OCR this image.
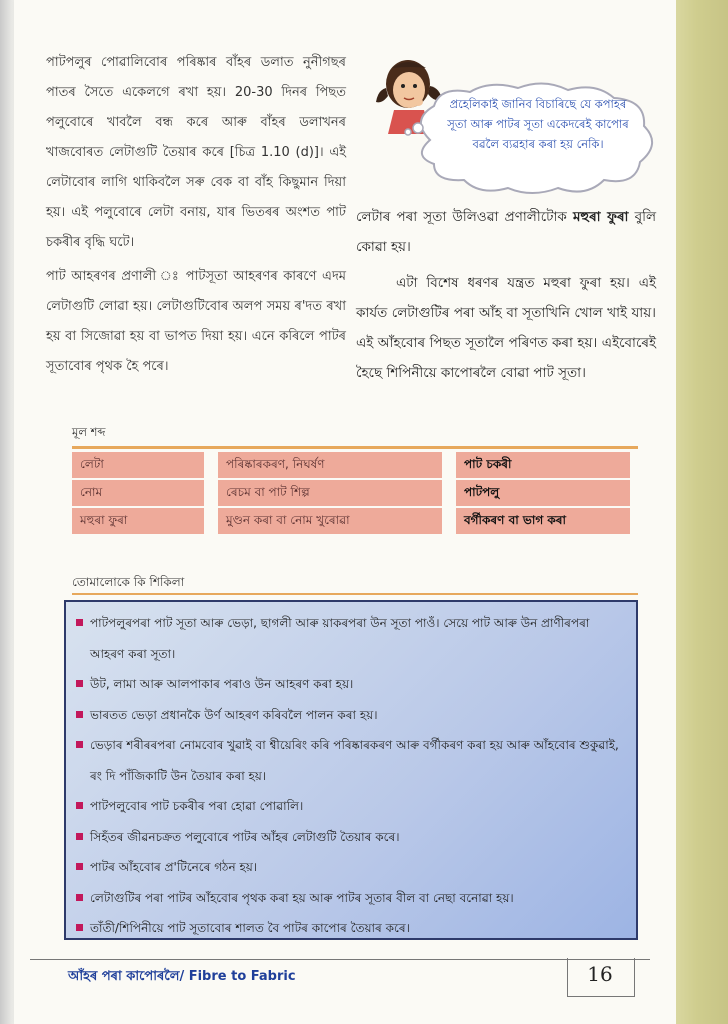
পাটপলুৰ পোৱালিবোৰ পৰিষ্কাৰ বাঁহৰ ডলাত নুনীগছৰ পাতৰ সৈতে একেলগে ৰখা হয়। 20-30 দিনৰ পিছত পলুবোৰে খাবলৈ বন্ধ কৰে আৰু বাঁহৰ ডলাখনৰ খাজবোৰত লেটাগুটি তৈয়াৰ কৰে [চিত্ৰ 1.10 (d)]। এই লেটাবোৰ লাগি থাকিবলৈ সৰু বেক বা বাঁহ কিছুমান দিয়া হয়। এই পলুবোৰে লেটা বনায়, যাৰ ভিতৰৰ অংশত পাট চকৰীৰ বৃদ্ধি ঘটে।

পাট আহৰণৰ প্ৰণালী ঃ পাটসূতা আহৰণৰ কাৰণে এদম লেটাগুটি লোৱা হয়। লেটাগুটিবোৰ অলপ সময় ৰ'দত ৰখা হয় বা সিজোৱা হয় বা ভাপত দিয়া হয়। এনে কৰিলে পাটৰ সূতাবোৰ পৃথক হৈ পৰে।

প্ৰহেলিকাই জানিব বিচাৰিছে যে কপাহৰ সূতা আৰু পাটৰ সূতা একেদৰেই কাপোৰ বৱলৈ ব্যৱহাৰ কৰা হয় নেকি।

লেটাৰ পৰা সূতা উলিওৱা প্ৰণালীটোক মহুৰা ফুৰা বুলি কোৱা হয়।

এটা বিশেষ ধৰণৰ যন্ত্ৰত মহুৰা ফুৰা হয়। এই কাৰ্যত লেটাগুটিৰ পৰা আঁহ বা সূতাখিনি খোল খাই যায়। এই আঁহবোৰ পিছত সূতালৈ পৰিণত কৰা হয়। এইবোৰেই হৈছে শিপিনীয়ে কাপোৰলৈ বোৱা পাট সূতা।

মূল শব্দ
লেটা	পৰিষ্কাৰকৰণ, নিঘৰ্ষণ	পাট চকৰী
নোম	ৰেচম বা পাট শিল্প	পাটপলু
মহুৰা ফুৰা	মুণ্ডন কৰা বা নোম খুৰোৱা	বৰ্গীকৰণ বা ভাগ কৰা
তোমালোকে কি শিকিলা
পাটপলুৰপৰা পাট সূতা আৰু ভেড়া, ছাগলী আৰু য়াকৰপৰা উন সূতা পাওঁ। সেয়ে পাট আৰু উন প্ৰাণীৰপৰা আহৰণ কৰা সূতা।
উট, লামা আৰু আলপাকাৰ পৰাও উন আহৰণ কৰা হয়।
ভাৰতত ভেড়া প্ৰধানকৈ উৰ্ণ আহৰণ কৰিবলৈ পালন কৰা হয়।
ভেড়াৰ শৰীৰৰপৰা নোমবোৰ খুৱাই বা শ্বীয়েৰিং কৰি পৰিষ্কাৰকৰণ আৰু বৰ্গীকৰণ কৰা হয় আৰু আঁহবোৰ শুকুৱাই, ৰং দি পাঁজিকাটি উন তৈয়াৰ কৰা হয়।
পাটপলুবোৰ পাট চকৰীৰ পৰা হোৱা পোৱালি।
সিহঁতৰ জীৱনচক্ৰত পলুবোৰে পাটৰ আঁহৰ লেটাগুটি তৈয়াৰ কৰে।
পাটৰ আঁহবোৰ প্ৰ'টিনেৰে গঠন হয়।
লেটাগুটিৰ পৰা পাটৰ আঁহবোৰ পৃথক কৰা হয় আৰু পাটৰ সূতাৰ বীল বা নেছা বনোৱা হয়।
তাঁতী/শিপিনীয়ে পাট সূতাবোৰ শালত বৈ পাটৰ কাপোৰ তৈয়াৰ কৰে।
আঁহৰ পৰা কাপোৰলৈ/ Fibre to Fabric	16
